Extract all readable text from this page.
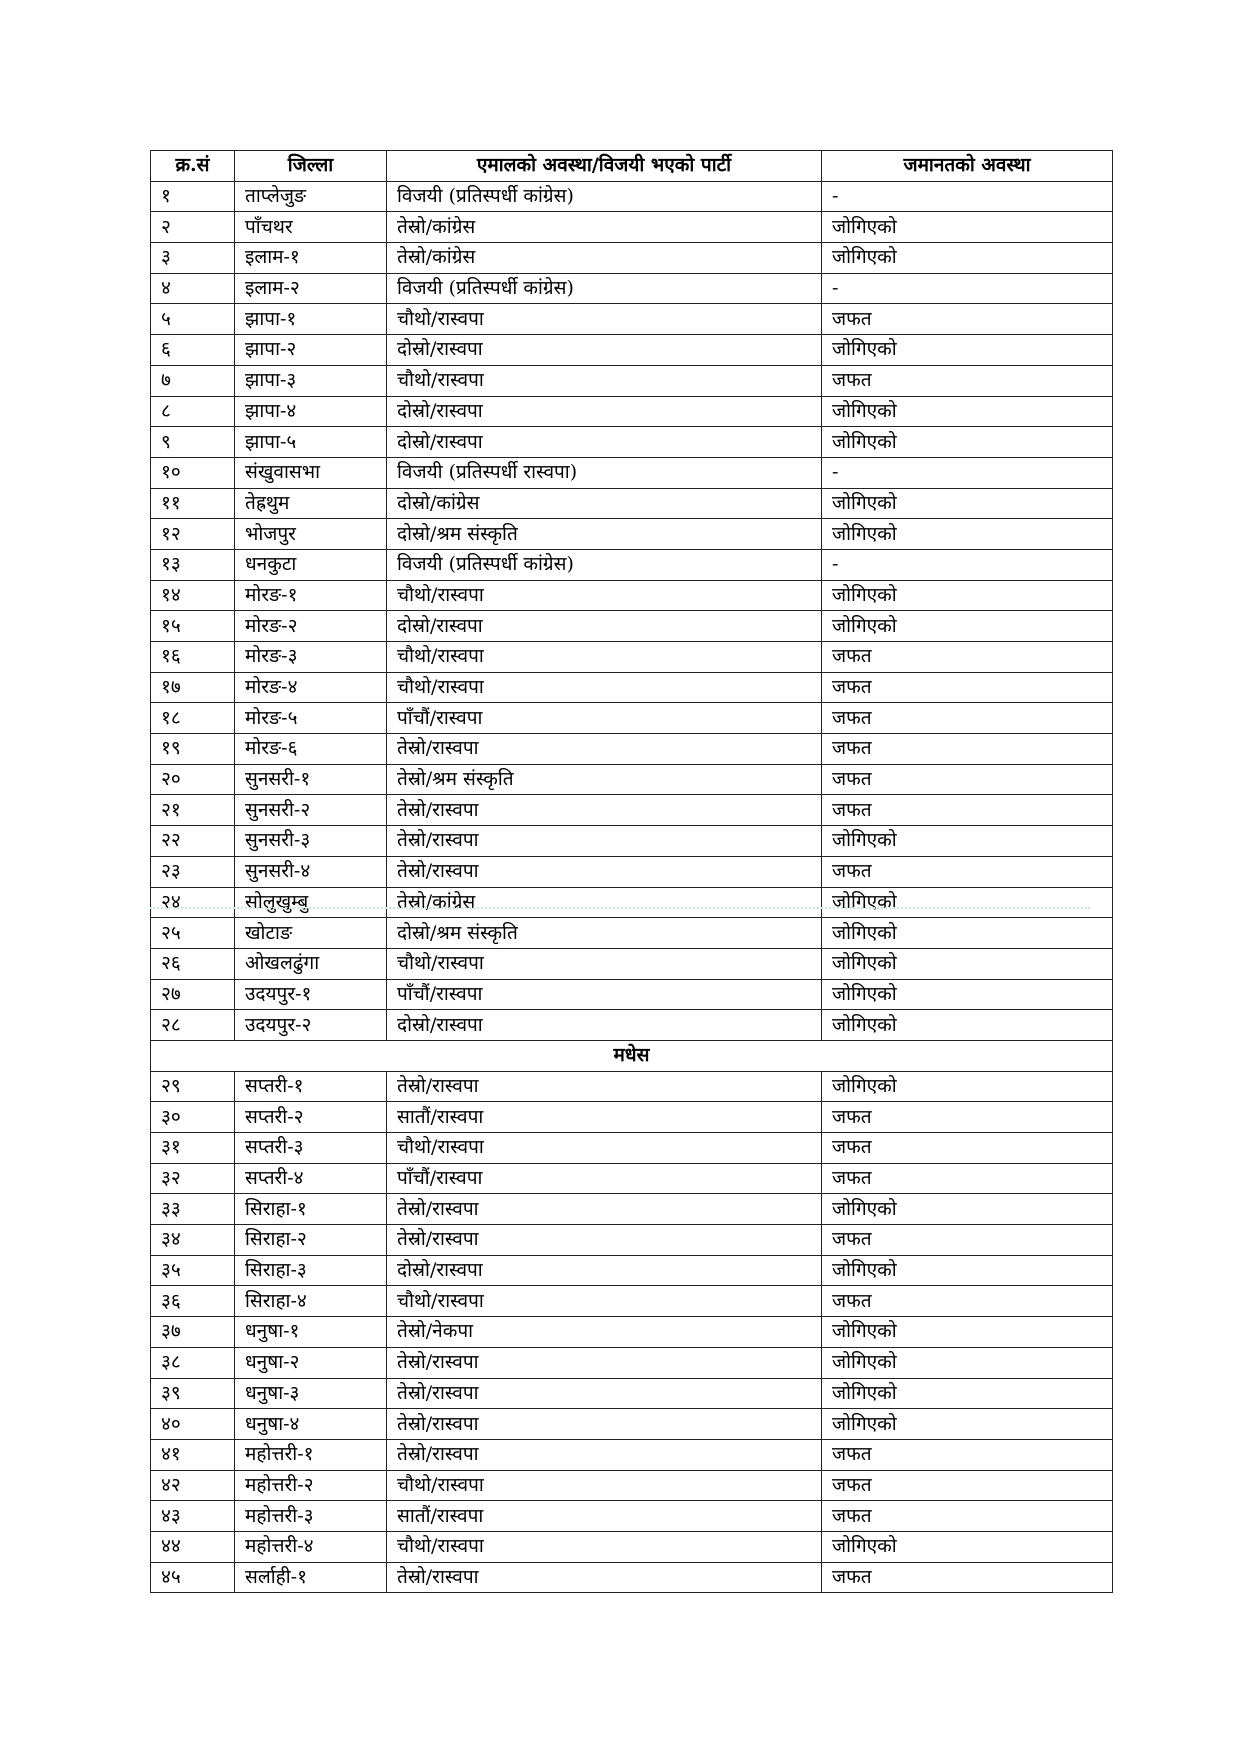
क्र.सं	जिल्ला	एमालको अवस्था/विजयी भएको पार्टी	जमानतको अवस्था
१	ताप्लेजुङ	विजयी (प्रतिस्पर्धी कांग्रेस)	-
२	पाँचथर	तेस्रो/कांग्रेस	जोगिएको
३	इलाम-१	तेस्रो/कांग्रेस	जोगिएको
४	इलाम-२	विजयी (प्रतिस्पर्धी कांग्रेस)	-
५	झापा-१	चौथो/रास्वपा	जफत
६	झापा-२	दोस्रो/रास्वपा	जोगिएको
७	झापा-३	चौथो/रास्वपा	जफत
८	झापा-४	दोस्रो/रास्वपा	जोगिएको
९	झापा-५	दोस्रो/रास्वपा	जोगिएको
१०	संखुवासभा	विजयी (प्रतिस्पर्धी रास्वपा)	-
११	तेह्रथुम	दोस्रो/कांग्रेस	जोगिएको
१२	भोजपुर	दोस्रो/श्रम संस्कृति	जोगिएको
१३	धनकुटा	विजयी (प्रतिस्पर्धी कांग्रेस)	-
१४	मोरङ-१	चौथो/रास्वपा	जोगिएको
१५	मोरङ-२	दोस्रो/रास्वपा	जोगिएको
१६	मोरङ-३	चौथो/रास्वपा	जफत
१७	मोरङ-४	चौथो/रास्वपा	जफत
१८	मोरङ-५	पाँचौं/रास्वपा	जफत
१९	मोरङ-६	तेस्रो/रास्वपा	जफत
२०	सुनसरी-१	तेस्रो/श्रम संस्कृति	जफत
२१	सुनसरी-२	तेस्रो/रास्वपा	जफत
२२	सुनसरी-३	तेस्रो/रास्वपा	जोगिएको
२३	सुनसरी-४	तेस्रो/रास्वपा	जफत
२४	सोलुखुम्बु	तेस्रो/कांग्रेस	जोगिएको
२५	खोटाङ	दोस्रो/श्रम संस्कृति	जोगिएको
२६	ओखलढुंगा	चौथो/रास्वपा	जोगिएको
२७	उदयपुर-१	पाँचौं/रास्वपा	जोगिएको
२८	उदयपुर-२	दोस्रो/रास्वपा	जोगिएको
मधेस			
२९	सप्तरी-१	तेस्रो/रास्वपा	जोगिएको
३०	सप्तरी-२	सातौं/रास्वपा	जफत
३१	सप्तरी-३	चौथो/रास्वपा	जफत
३२	सप्तरी-४	पाँचौं/रास्वपा	जफत
३३	सिराहा-१	तेस्रो/रास्वपा	जोगिएको
३४	सिराहा-२	तेस्रो/रास्वपा	जफत
३५	सिराहा-३	दोस्रो/रास्वपा	जोगिएको
३६	सिराहा-४	चौथो/रास्वपा	जफत
३७	धनुषा-१	तेस्रो/नेकपा	जोगिएको
३८	धनुषा-२	तेस्रो/रास्वपा	जोगिएको
३९	धनुषा-३	तेस्रो/रास्वपा	जोगिएको
४०	धनुषा-४	तेस्रो/रास्वपा	जोगिएको
४१	महोत्तरी-१	तेस्रो/रास्वपा	जफत
४२	महोत्तरी-२	चौथो/रास्वपा	जफत
४३	महोत्तरी-३	सातौं/रास्वपा	जफत
४४	महोत्तरी-४	चौथो/रास्वपा	जोगिएको
४५	सर्लाही-१	तेस्रो/रास्वपा	जफत
